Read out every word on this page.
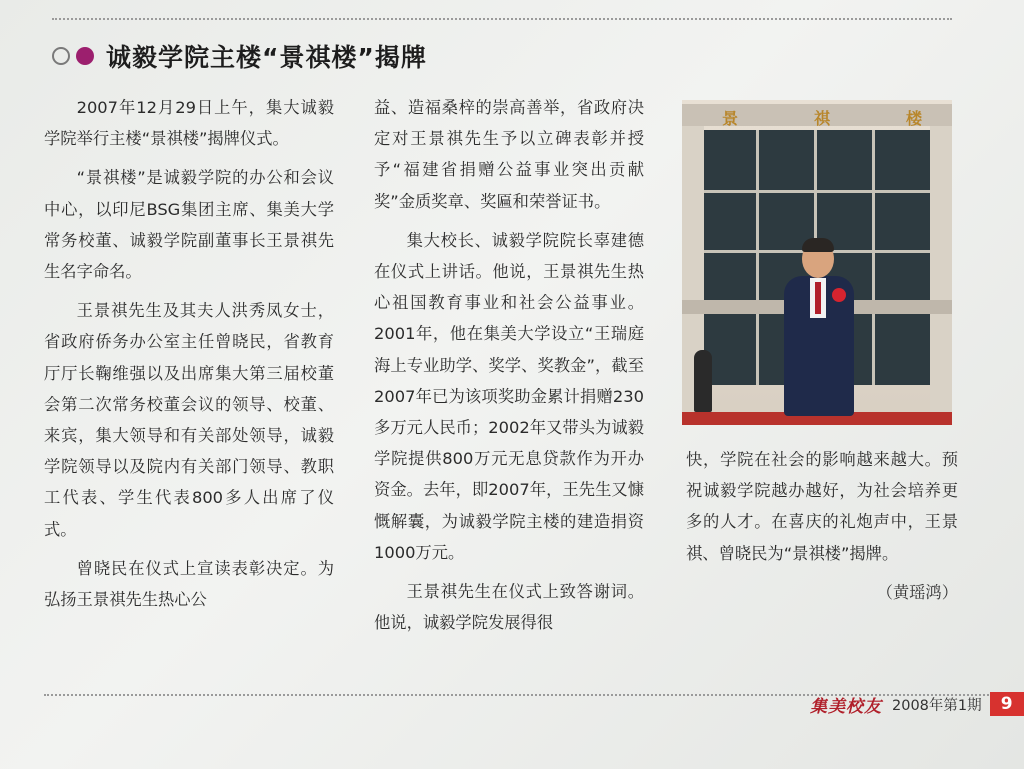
诚毅学院主楼“景祺楼”揭牌

2007年12月29日上午，集大诚毅学院举行主楼“景祺楼”揭牌仪式。

“景祺楼”是诚毅学院的办公和会议中心，以印尼BSG集团主席、集美大学常务校董、诚毅学院副董事长王景祺先生名字命名。

王景祺先生及其夫人洪秀凤女士，省政府侨务办公室主任曾晓民，省教育厅厅长鞠维强以及出席集大第三届校董会第二次常务校董会议的领导、校董、来宾，集大领导和有关部处领导，诚毅学院领导以及院内有关部门领导、教职工代表、学生代表800多人出席了仪式。

曾晓民在仪式上宣读表彰决定。为弘扬王景祺先生热心公

益、造福桑梓的崇高善举，省政府决定对王景祺先生予以立碑表彰并授予“福建省捐赠公益事业突出贡献奖”金质奖章、奖匾和荣誉证书。

集大校长、诚毅学院院长辜建德在仪式上讲话。他说，王景祺先生热心祖国教育事业和社会公益事业。2001年，他在集美大学设立“王瑞庭海上专业助学、奖学、奖教金”，截至2007年已为该项奖助金累计捐赠230多万元人民币；2002年又带头为诚毅学院提供800万元无息贷款作为开办资金。去年，即2007年，王先生又慷慨解囊，为诚毅学院主楼的建造捐资1000万元。

王景祺先生在仪式上致答谢词。他说，诚毅学院发展得很

景	祺	楼

快，学院在社会的影响越来越大。预祝诚毅学院越办越好，为社会培养更多的人才。在喜庆的礼炮声中，王景祺、曾晓民为“景祺楼”揭牌。

（黄瑶鸿）
集美校友 2008年第1期	9
